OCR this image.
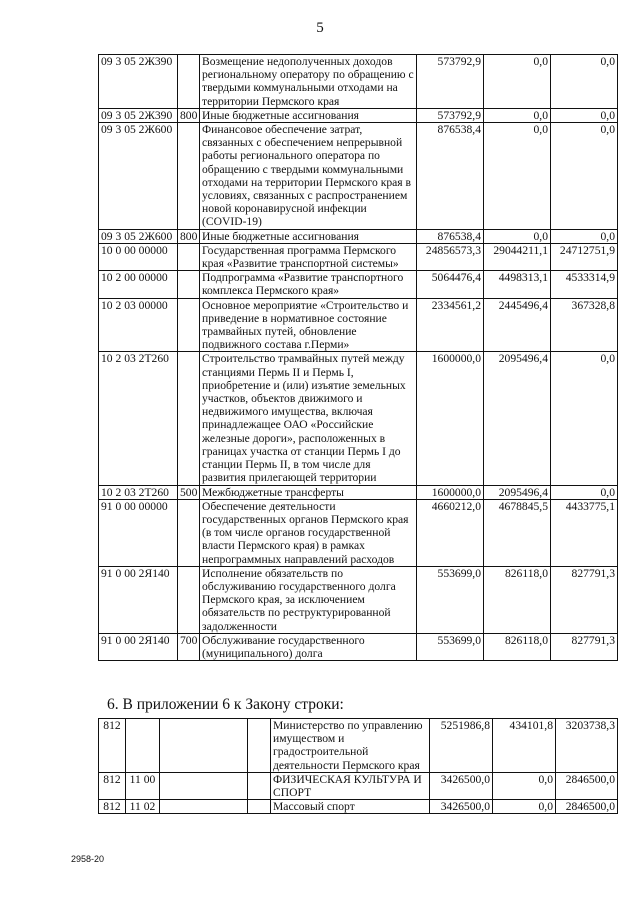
5
09 3 05 2Ж390		Возмещение недополученных доходов региональному оператору по обращению с твердыми коммунальными отходами на территории Пермского края	573792,9	0,0	0,0
09 3 05 2Ж390	800	Иные бюджетные ассигнования	573792,9	0,0	0,0
09 3 05 2Ж600		Финансовое обеспечение затрат, связанных с обеспечением непрерывной работы регионального оператора по обращению с твердыми коммунальными отходами на территории Пермского края в условиях, связанных с распространением новой коронавирусной инфекции (COVID-19)	876538,4	0,0	0,0
09 3 05 2Ж600	800	Иные бюджетные ассигнования	876538,4	0,0	0,0
10 0 00 00000		Государственная программа Пермского края «Развитие транспортной системы»	24856573,3	29044211,1	24712751,9
10 2 00 00000		Подпрограмма «Развитие транспортного комплекса Пермского края»	5064476,4	4498313,1	4533314,9
10 2 03 00000		Основное мероприятие «Строительство и приведение в нормативное состояние трамвайных путей, обновление подвижного состава г.Перми»	2334561,2	2445496,4	367328,8
10 2 03 2Т260		Строительство трамвайных путей между станциями Пермь II и Пермь I, приобретение и (или) изъятие земельных участков, объектов движимого и недвижимого имущества, включая принадлежащее ОАО «Российские железные дороги», расположенных в границах участка от станции Пермь I до станции Пермь II, в том числе для развития прилегающей территории	1600000,0	2095496,4	0,0
10 2 03 2Т260	500	Межбюджетные трансферты	1600000,0	2095496,4	0,0
91 0 00 00000		Обеспечение деятельности государственных органов Пермского края (в том числе органов государственной власти Пермского края) в рамках непрограммных направлений расходов	4660212,0	4678845,5	4433775,1
91 0 00 2Я140		Исполнение обязательств по обслуживанию государственного долга Пермского края, за исключением обязательств по реструктурированной задолженности	553699,0	826118,0	827791,3
91 0 00 2Я140	700	Обслуживание государственного (муниципального) долга	553699,0	826118,0	827791,3
6. В приложении 6 к Закону строки:
812				Министерство по управлению имуществом и градостроительной деятельности Пермского края	5251986,8	434101,8	3203738,3
812	11 00			ФИЗИЧЕСКАЯ КУЛЬТУРА И СПОРТ	3426500,0	0,0	2846500,0
812	11 02			Массовый спорт	3426500,0	0,0	2846500,0
2958-20
